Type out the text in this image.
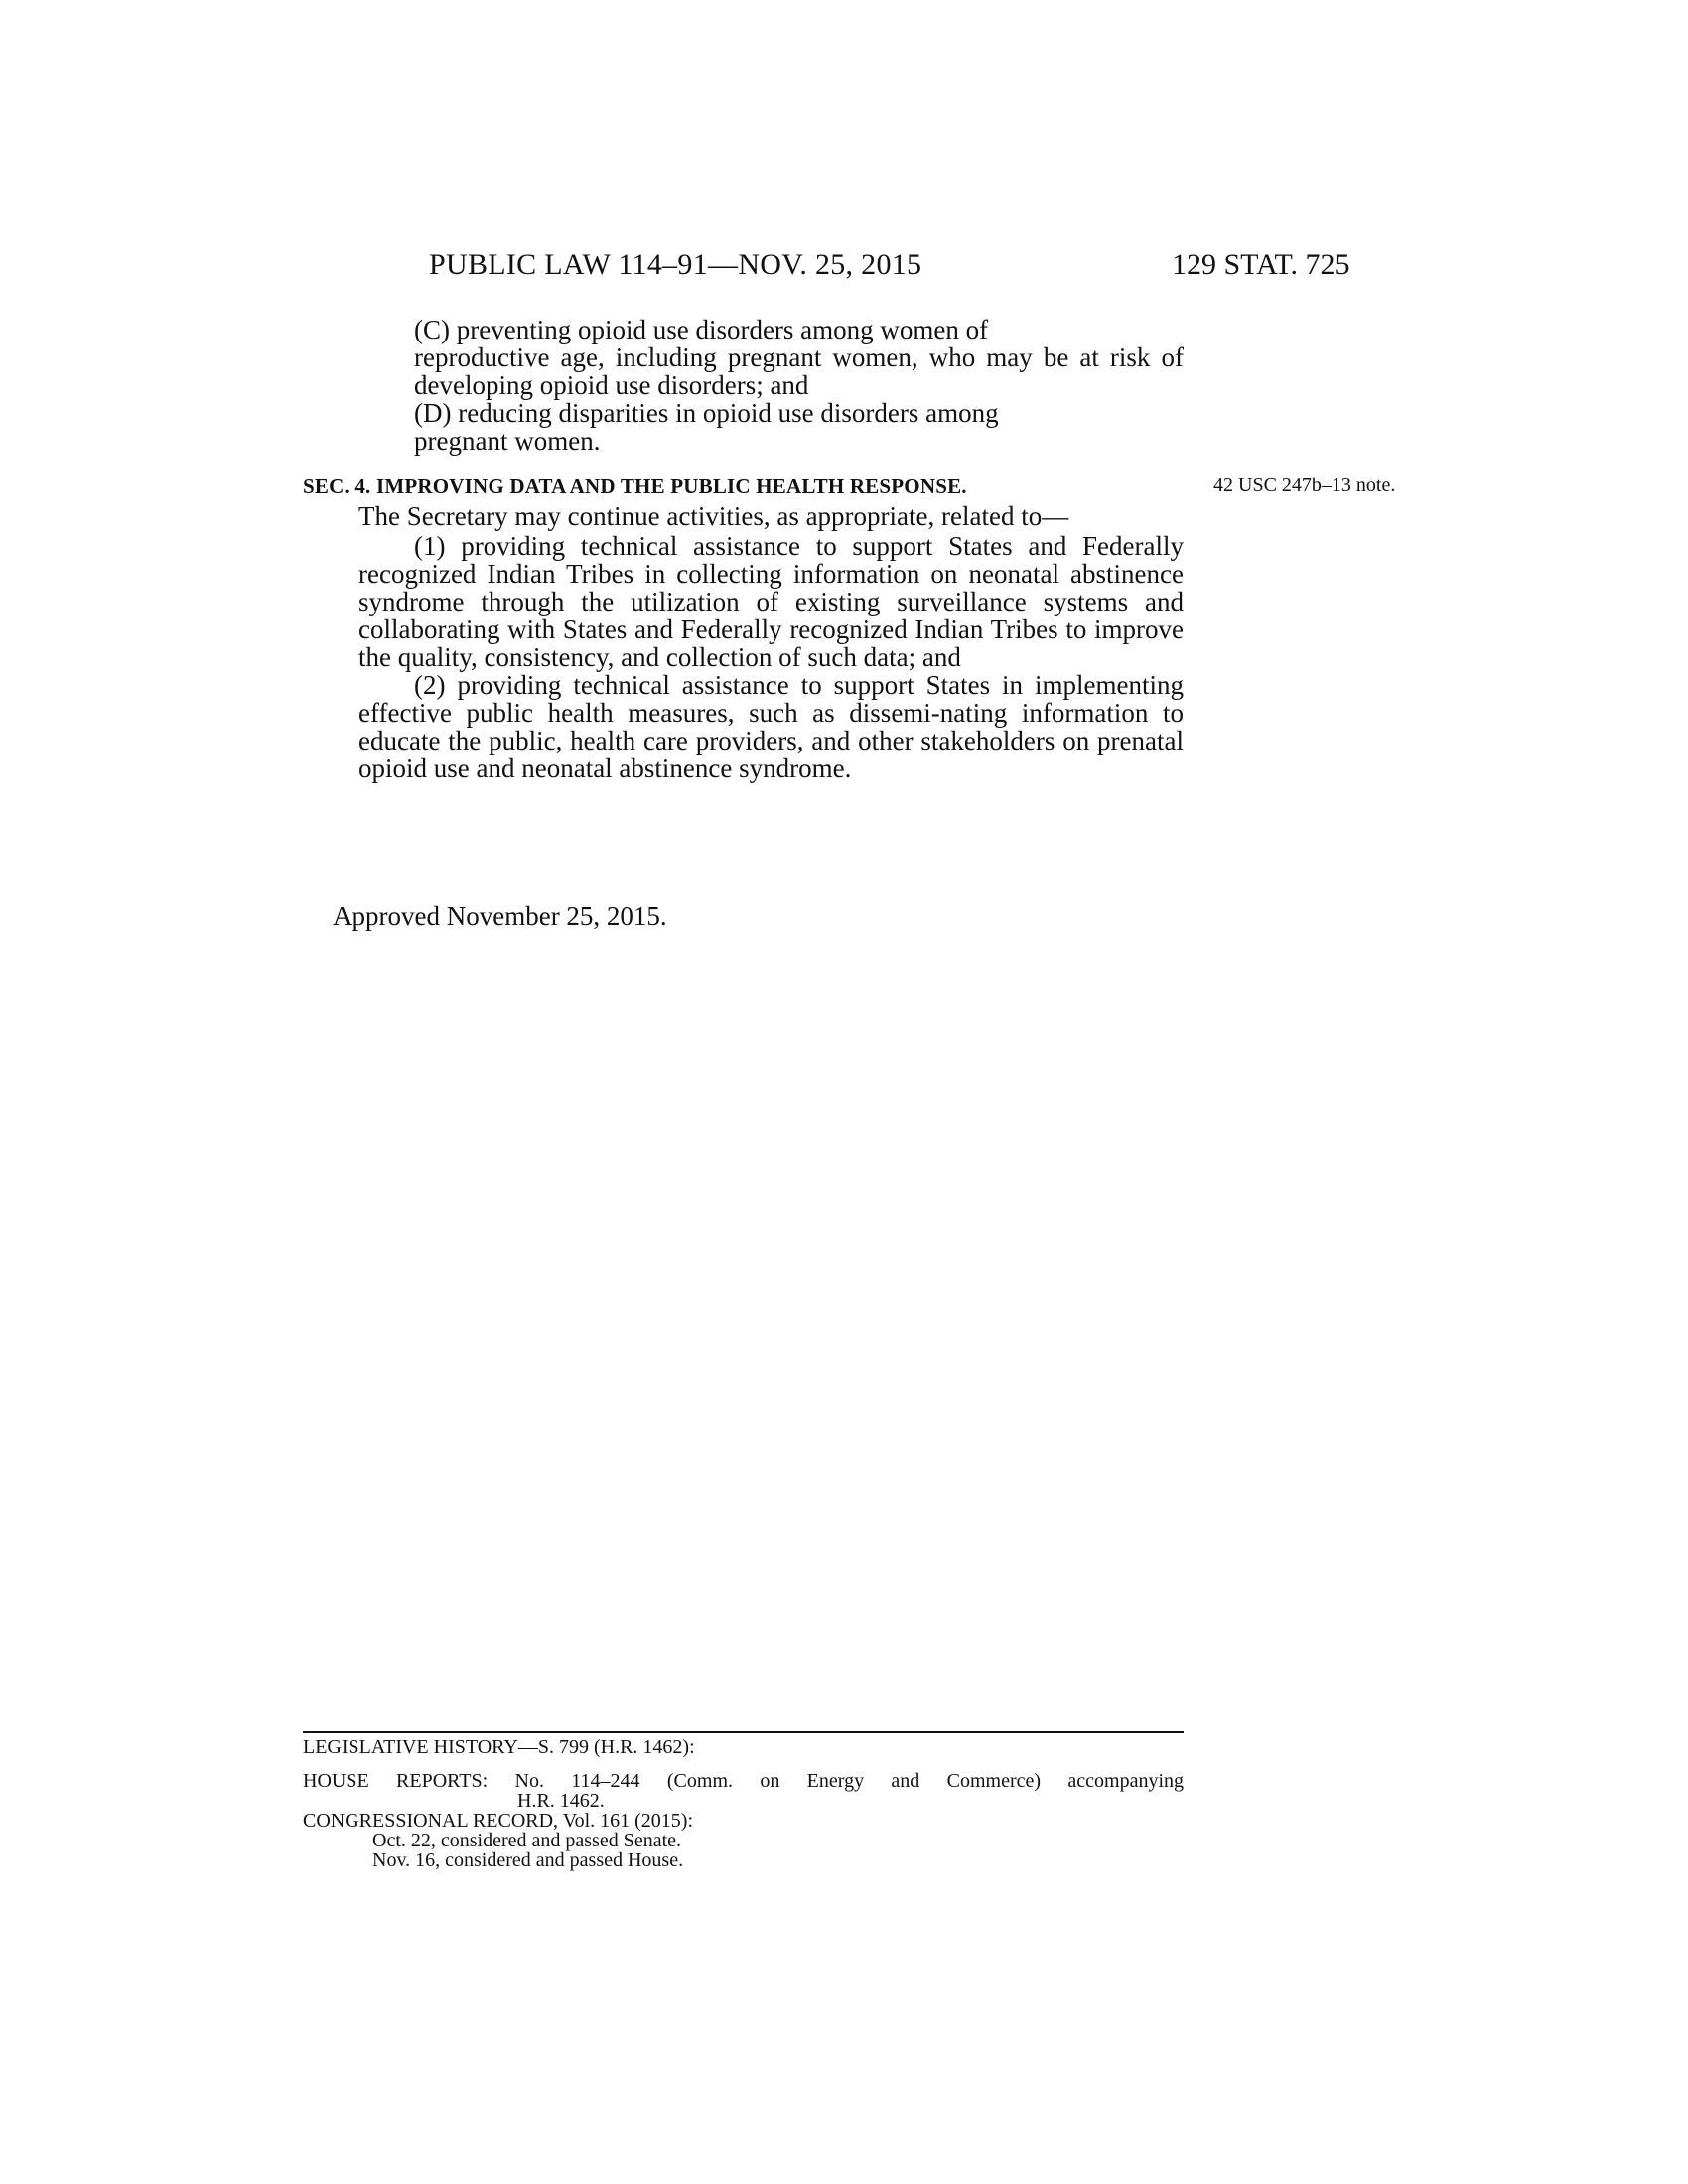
PUBLIC LAW 114–91—NOV. 25, 2015	129 STAT. 725

(C) preventing opioid use disorders among women of

reproductive age, including pregnant women, who may be at risk of developing opioid use disorders; and

(D) reducing disparities in opioid use disorders among

pregnant women.

SEC. 4. IMPROVING DATA AND THE PUBLIC HEALTH RESPONSE.	42 USC 247b–13 note.

The Secretary may continue activities, as appropriate, related to—

(1) providing technical assistance to support States and Federally recognized Indian Tribes in collecting information on neonatal abstinence syndrome through the utilization of existing surveillance systems and collaborating with States and Federally recognized Indian Tribes to improve the quality, consistency, and collection of such data; and

(2) providing technical assistance to support States in implementing effective public health measures, such as dissemi-nating information to educate the public, health care providers, and other stakeholders on prenatal opioid use and neonatal abstinence syndrome.

Approved November 25, 2015.
LEGISLATIVE HISTORY—S. 799 (H.R. 1462):
HOUSE REPORTS: No. 114–244 (Comm. on Energy and Commerce) accompanying
H.R. 1462.
CONGRESSIONAL RECORD, Vol. 161 (2015):
Oct. 22, considered and passed Senate.
Nov. 16, considered and passed House.
